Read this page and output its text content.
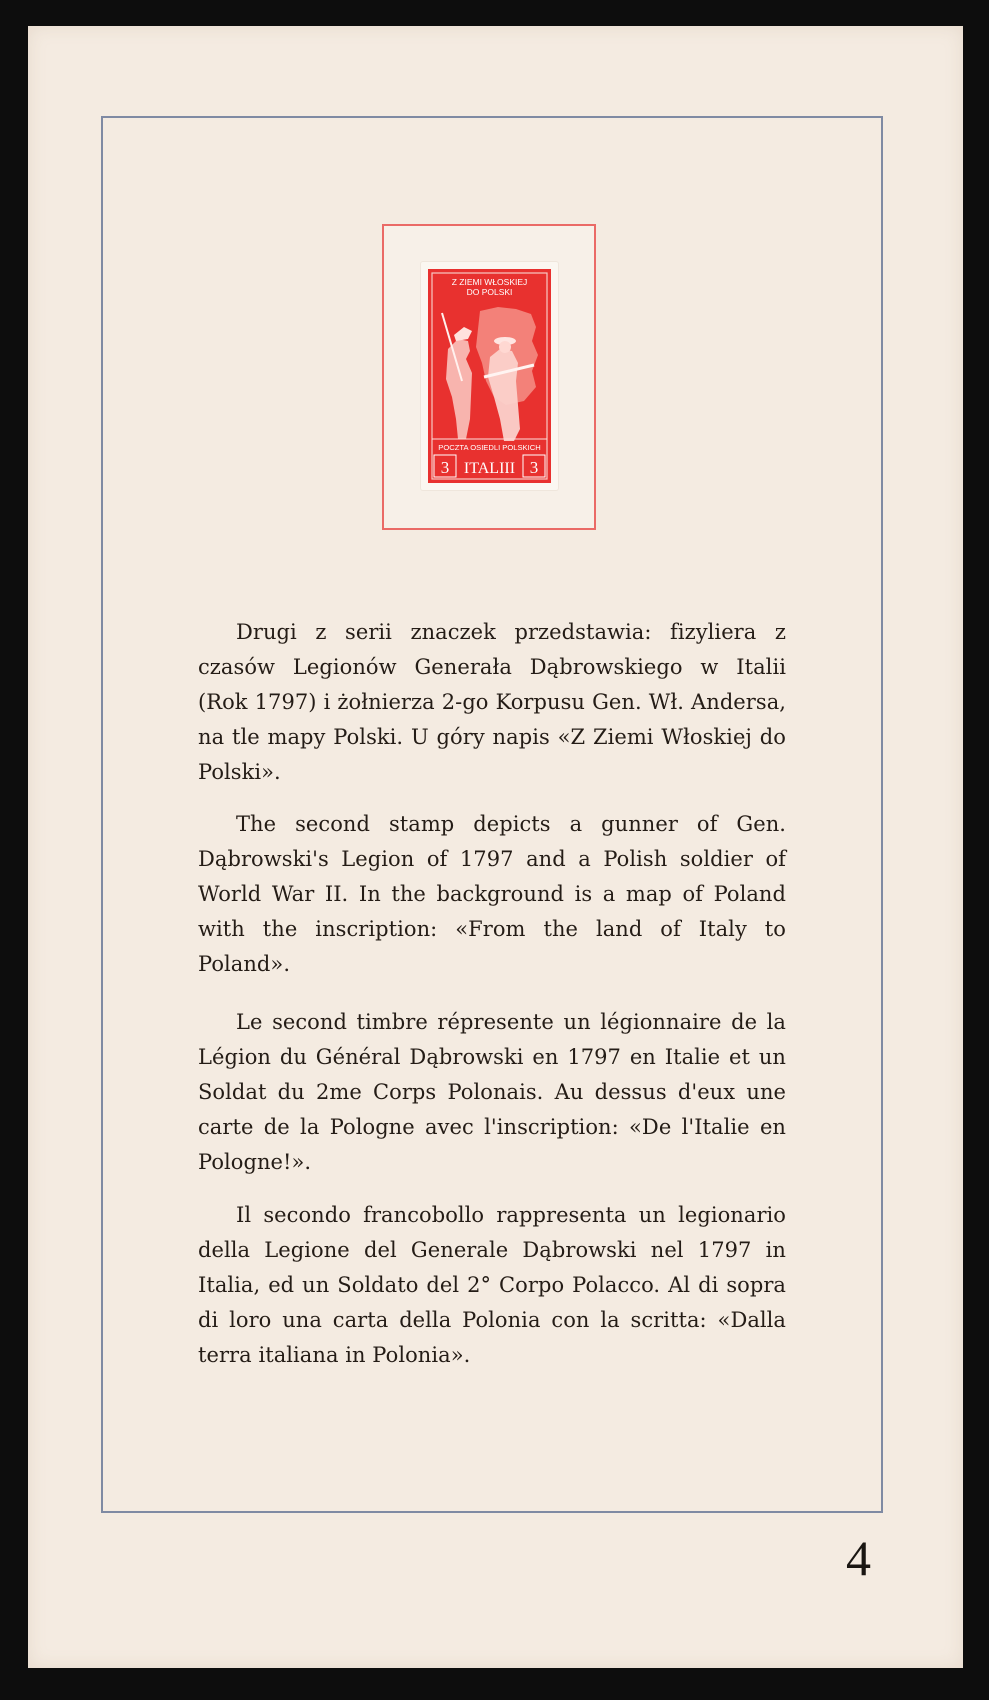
Z ZIEMI WŁOSKIEJ
DO POLSKI
POCZTA OSIEDLI POLSKICH
3	3
ITALIII

Drugi z serii znaczek przedstawia: fizyliera z czasów Legionów Generała Dąbrowskiego w Italii (Rok 1797) i żołnierza 2-go Korpusu Gen. Wł. Andersa, na tle mapy Polski. U góry napis «Z Ziemi Włoskiej do Polski».

The second stamp depicts a gunner of Gen. Dąbrowski's Legion of 1797 and a Polish soldier of World War II. In the background is a map of Poland with the inscription: «From the land of Italy to Poland».

Le second timbre répresente un légionnaire de la Légion du Général Dąbrowski en 1797 en Italie et un Soldat du 2me Corps Polonais. Au dessus d'eux une carte de la Pologne avec l'inscription: «De l'Italie en Pologne!».

Il secondo francobollo rappresenta un legionario della Legione del Generale Dąbrowski nel 1797 in Italia, ed un Soldato del 2° Corpo Polacco. Al di sopra di loro una carta della Polonia con la scritta: «Dalla terra italiana in Polonia».

4
